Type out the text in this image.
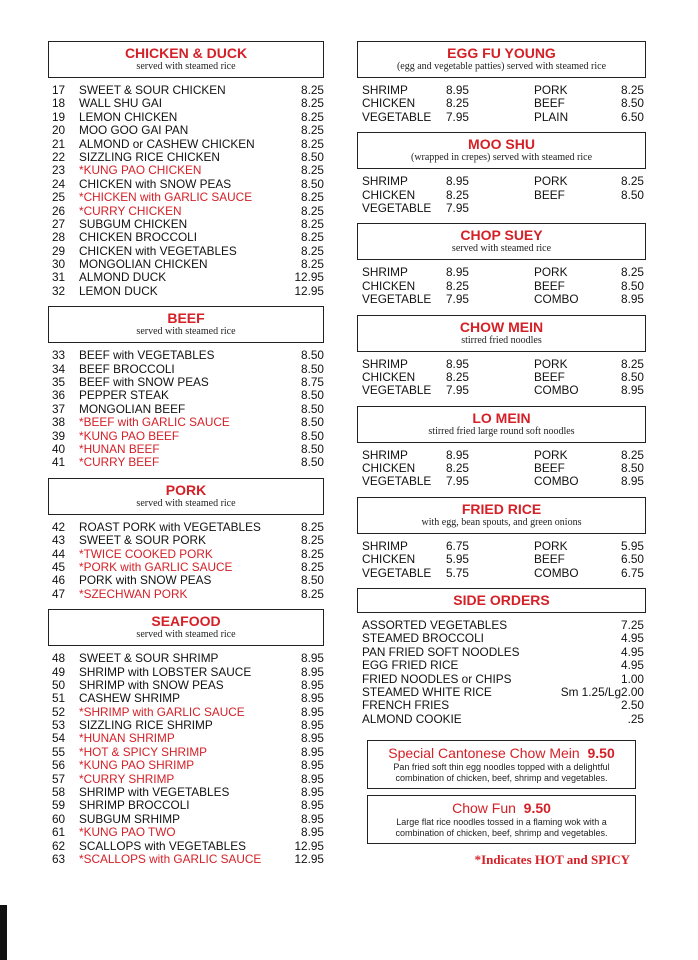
CHICKEN & DUCK
served with steamed rice
17	SWEET & SOUR CHICKEN	8.25
18	WALL SHU GAI	8.25
19	LEMON CHICKEN	8.25
20	MOO GOO GAI PAN	8.25
21	ALMOND or CASHEW CHICKEN	8.25
22	SIZZLING RICE CHICKEN	8.50
23	*KUNG PAO CHICKEN	8.25
24	CHICKEN with SNOW PEAS	8.50
25	*CHICKEN with GARLIC SAUCE	8.25
26	*CURRY CHICKEN	8.25
27	SUBGUM CHICKEN	8.25
28	CHICKEN BROCCOLI	8.25
29	CHICKEN with VEGETABLES	8.25
30	MONGOLIAN CHICKEN	8.25
31	ALMOND DUCK	12.95
32	LEMON DUCK	12.95
BEEF
served with steamed rice
33	BEEF with VEGETABLES	8.50
34	BEEF BROCCOLI	8.50
35	BEEF with SNOW PEAS	8.75
36	PEPPER STEAK	8.50
37	MONGOLIAN BEEF	8.50
38	*BEEF with GARLIC SAUCE	8.50
39	*KUNG PAO BEEF	8.50
40	*HUNAN BEEF	8.50
41	*CURRY BEEF	8.50
PORK
served with steamed rice
42	ROAST PORK with VEGETABLES	8.25
43	SWEET & SOUR PORK	8.25
44	*TWICE COOKED PORK	8.25
45	*PORK with GARLIC SAUCE	8.25
46	PORK with SNOW PEAS	8.50
47	*SZECHWAN PORK	8.25
SEAFOOD
served with steamed rice
48	SWEET & SOUR SHRIMP	8.95
49	SHRIMP with LOBSTER SAUCE	8.95
50	SHRIMP with SNOW PEAS	8.95
51	CASHEW SHRIMP	8.95
52	*SHRIMP with GARLIC SAUCE	8.95
53	SIZZLING RICE SHRIMP	8.95
54	*HUNAN SHRIMP	8.95
55	*HOT & SPICY SHRIMP	8.95
56	*KUNG PAO SHRIMP	8.95
57	*CURRY SHRIMP	8.95
58	SHRIMP with VEGETABLES	8.95
59	SHRIMP BROCCOLI	8.95
60	SUBGUM SRHIMP	8.95
61	*KUNG PAO TWO	8.95
62	SCALLOPS with VEGETABLES	12.95
63	*SCALLOPS with GARLIC SAUCE	12.95
EGG FU YOUNG
(egg and vegetable patties) served with steamed rice
SHRIMP	8.95	PORK	8.25
CHICKEN	8.25	BEEF	8.50
VEGETABLE	7.95	PLAIN	6.50
MOO SHU
(wrapped in crepes) served with steamed rice
SHRIMP	8.95	PORK	8.25
CHICKEN	8.25	BEEF	8.50
VEGETABLE	7.95
CHOP SUEY
served with steamed rice
SHRIMP	8.95	PORK	8.25
CHICKEN	8.25	BEEF	8.50
VEGETABLE	7.95	COMBO	8.95
CHOW MEIN
stirred fried noodles
SHRIMP	8.95	PORK	8.25
CHICKEN	8.25	BEEF	8.50
VEGETABLE	7.95	COMBO	8.95
LO MEIN
stirred fried large round soft noodles
SHRIMP	8.95	PORK	8.25
CHICKEN	8.25	BEEF	8.50
VEGETABLE	7.95	COMBO	8.95
FRIED RICE
with egg, bean spouts, and green onions
SHRIMP	6.75	PORK	5.95
CHICKEN	5.95	BEEF	6.50
VEGETABLE	5.75	COMBO	6.75
SIDE ORDERS
ASSORTED VEGETABLES	7.25
STEAMED BROCCOLI	4.95
PAN FRIED SOFT NOODLES	4.95
EGG FRIED RICE	4.95
FRIED NOODLES or CHIPS	1.00
STEAMED WHITE RICE	Sm 1.25/Lg2.00
FRENCH FRIES	2.50
ALMOND COOKIE	.25
Special Cantonese Chow Mein 9.50
Pan fried soft thin egg noodles topped with a delightful combination of chicken, beef, shrimp and vegetables.
Chow Fun 9.50
Large flat rice noodles tossed in a flaming wok with a combination of chicken, beef, shrimp and vegetables.
*Indicates HOT and SPICY
